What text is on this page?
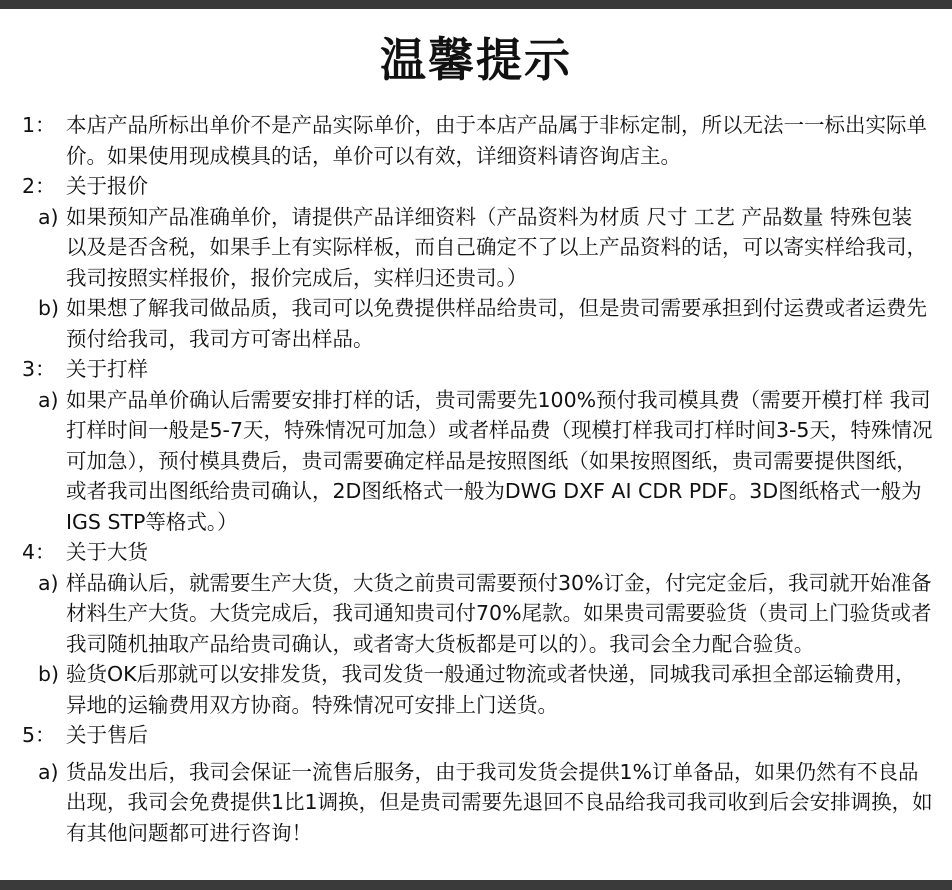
温馨提示
1： 本店产品所标出单价不是产品实际单价，由于本店产品属于非标定制，所以无法一一标出实际单价。如果使用现成模具的话，单价可以有效，详细资料请咨询店主。
2： 关于报价
a) 如果预知产品准确单价，请提供产品详细资料（产品资料为材质 尺寸 工艺 产品数量 特殊包装 以及是否含税，如果手上有实际样板，而自己确定不了以上产品资料的话，可以寄实样给我司，我司按照实样报价，报价完成后，实样归还贵司。）
b) 如果想了解我司做品质，我司可以免费提供样品给贵司，但是贵司需要承担到付运费或者运费先预付给我司，我司方可寄出样品。
3： 关于打样
a) 如果产品单价确认后需要安排打样的话，贵司需要先100%预付我司模具费（需要开模打样 我司打样时间一般是5-7天，特殊情况可加急）或者样品费（现模打样我司打样时间3-5天，特殊情况可加急），预付模具费后，贵司需要确定样品是按照图纸（如果按照图纸，贵司需要提供图纸，或者我司出图纸给贵司确认，2D图纸格式一般为DWG DXF AI CDR PDF。3D图纸格式一般为IGS STP等格式。）
4： 关于大货
a) 样品确认后，就需要生产大货，大货之前贵司需要预付30%订金，付完定金后，我司就开始准备材料生产大货。大货完成后，我司通知贵司付70%尾款。如果贵司需要验货（贵司上门验货或者我司随机抽取产品给贵司确认，或者寄大货板都是可以的）。我司会全力配合验货。
b) 验货OK后那就可以安排发货，我司发货一般通过物流或者快递，同城我司承担全部运输费用，异地的运输费用双方协商。特殊情况可安排上门送货。
5： 关于售后
a) 货品发出后，我司会保证一流售后服务，由于我司发货会提供1%订单备品，如果仍然有不良品出现，我司会免费提供1比1调换，但是贵司需要先退回不良品给我司我司收到后会安排调换，如有其他问题都可进行咨询！
